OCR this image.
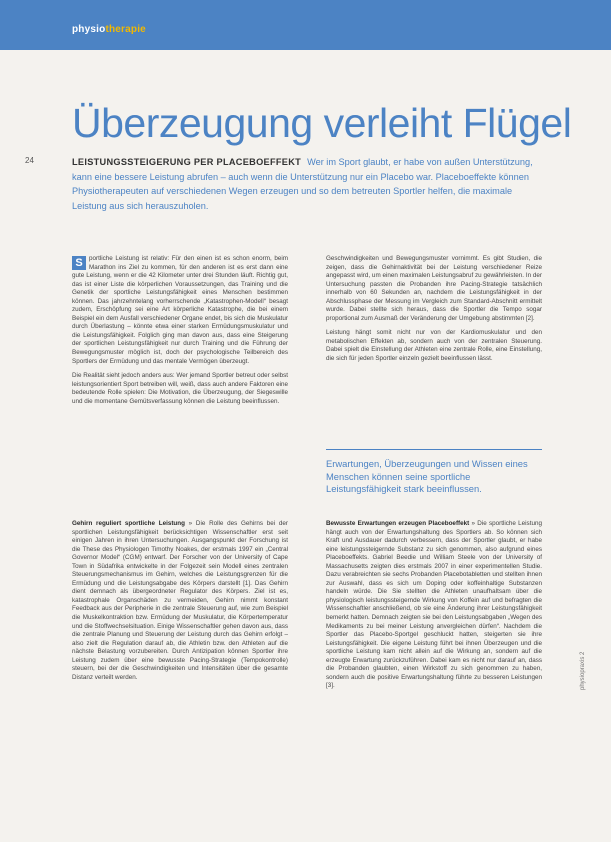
physiotherapie
Überzeugung verleiht Flügel
24	LEISTUNGSSTEIGERUNG PER PLACEBOEFFEKT Wer im Sport glaubt, er habe von außen Unterstützung, kann eine bessere Leistung abrufen – auch wenn die Unterstützung nur ein Placebo war. Placeboeffekte können Physiotherapeuten auf verschiedenen Wegen erzeugen und so dem betreuten Sportler helfen, die maximale Leistung aus sich herauszuholen.

S	portliche Leistung ist relativ: Für den einen ist es schon enorm, beim Marathon ins Ziel zu kommen, für den anderen ist es erst dann eine gute Leistung, wenn er die 42 Kilometer unter drei Stunden läuft. Richtig gut, das ist einer Liste die körperlichen Voraussetzungen, das Training und die Genetik der sportliche Leistungsfähigkeit eines Menschen bestimmen können. Das jahrzehntelang vorherrschende „Katastrophen-Modell“ besagt zudem, Erschöpfung sei eine Art körperliche Katastrophe, die bei einem Beispiel ein dem Ausfall verschiedener Organe endet, bis sich die Muskulatur durch Überlastung – könnte etwa einer starken Ermüdungsmuskulatur und die Leistungsfähigkeit. Folglich ging man davon aus, dass eine Steigerung der sportlichen Leistungsfähigkeit nur durch Training und die Führung der Bewegungsmuster möglich ist, doch der psychologische Teilbereich des Sportlers der Ermüdung und das mentale Vermögen überzeugt.

Die Realität sieht jedoch anders aus: Wer jemand Sportler betreut oder selbst leistungsorientiert Sport betreiben will, weiß, dass auch andere Faktoren eine bedeutende Rolle spielen: Die Motivation, die Überzeugung, der Siegeswille und die momentane Gemütsverfassung können die Leistung beeinflussen.

Geschwindigkeiten und Bewegungsmuster vornimmt. Es gibt Studien, die zeigen, dass die Gehirnaktivität bei der Leistung verschiedener Reize angepasst wird, um einen maximalen Leistungsabruf zu gewährleisten. In der Untersuchung passten die Probanden ihre Pacing-Strategie tatsächlich innerhalb von 60 Sekunden an, nachdem die Leistungsfähigkeit in der Abschlussphase der Messung im Vergleich zum Standard-Abschnitt ermittelt wurde. Dabei stellte sich heraus, dass die Sportler die Tempo sogar proportional zum Ausmaß der Veränderung der Umgebung abstimmten [2].

Leistung hängt somit nicht nur von der Kardiomuskulatur und den metabolischen Effekten ab, sondern auch von der zentralen Steuerung. Dabei spielt die Einstellung der Athleten eine zentrale Rolle, eine Einstellung, die sich für jeden Sportler einzeln gezielt beeinflussen lässt.

Erwartungen, Überzeugungen und Wissen eines Menschen können seine sportliche Leistungsfähigkeit stark beeinflussen.

Gehirn reguliert sportliche Leistung » Die Rolle des Gehirns bei der sportlichen Leistungsfähigkeit berücksichtigen Wissenschaftler erst seit einigen Jahren in ihren Untersuchungen. Ausgangspunkt der Forschung ist die These des Physiologen Timothy Noakes, der erstmals 1997 ein „Central Governor Model“ (CGM) entwarf. Der Forscher von der University of Cape Town in Südafrika entwickelte in der Folgezeit sein Modell eines zentralen Steuerungsmechanismus im Gehirn, welches die Leistungsgrenzen für die Ermüdung und die Leistungsabgabe des Körpers darstellt [1]. Das Gehirn dient demnach als übergeordneter Regulator des Körpers. Ziel ist es, katastrophale Organschäden zu vermeiden, Gehirn nimmt konstant Feedback aus der Peripherie in die zentrale Steuerung auf, wie zum Beispiel die Muskelkontraktion bzw. Ermüdung der Muskulatur, die Körpertemperatur und die Stoffwechselsituation. Einige Wissenschaftler gehen davon aus, dass die zentrale Planung und Steuerung der Leistung durch das Gehirn erfolgt – also zielt die Regulation darauf ab, die Athletin bzw. den Athleten auf die nächste Belastung vorzubereiten. Durch Antizipation können Sportler ihre Leistung zudem über eine bewusste Pacing-Strategie (Tempokontrolle) steuern, bei der die Geschwindigkeiten und Intensitäten über die gesamte Distanz verteilt werden.

Bewusste Erwartungen erzeugen Placeboeffekt » Die sportliche Leistung hängt auch von der Erwartungshaltung des Sportlers ab. So können sich Kraft und Ausdauer dadurch verbessern, dass der Sportler glaubt, er habe eine leistungssteigernde Substanz zu sich genommen, also aufgrund eines Placeboeffekts. Gabriel Beedie und William Steele von der University of Massachusetts zeigten dies erstmals 2007 in einer experimentellen Studie. Dazu verabreichten sie sechs Probanden Placebotabletten und stellten ihnen zur Auswahl, dass es sich um Doping oder koffeinhaltige Substanzen handeln würde. Die Sie stellten die Athleten unaufhaltsam über die physiologisch leistungssteigernde Wirkung von Koffein auf und befragten die Wissenschaftler anschließend, ob sie eine Änderung ihrer Leistungsfähigkeit bemerkt hatten. Demnach zeigten sie bei den Leistungsabgaben „Wegen des Medikaments zu bei meiner Leistung anvergleichen dürfen“. Nachdem die Sportler das Placebo-Sportgel geschluckt hatten, steigerten sie ihre Leistungsfähigkeit. Die eigene Leistung führt bei ihnen Überzeugen und die sportliche Leistung kam nicht allein auf die Wirkung an, sondern auf die erzeugte Erwartung zurückzuführen. Dabei kam es nicht nur darauf an, dass die Probanden glaubten, einen Wirkstoff zu sich genommen zu haben, sondern auch die positive Erwartungshaltung führte zu besseren Leistungen [3].	physiopraxis 2
